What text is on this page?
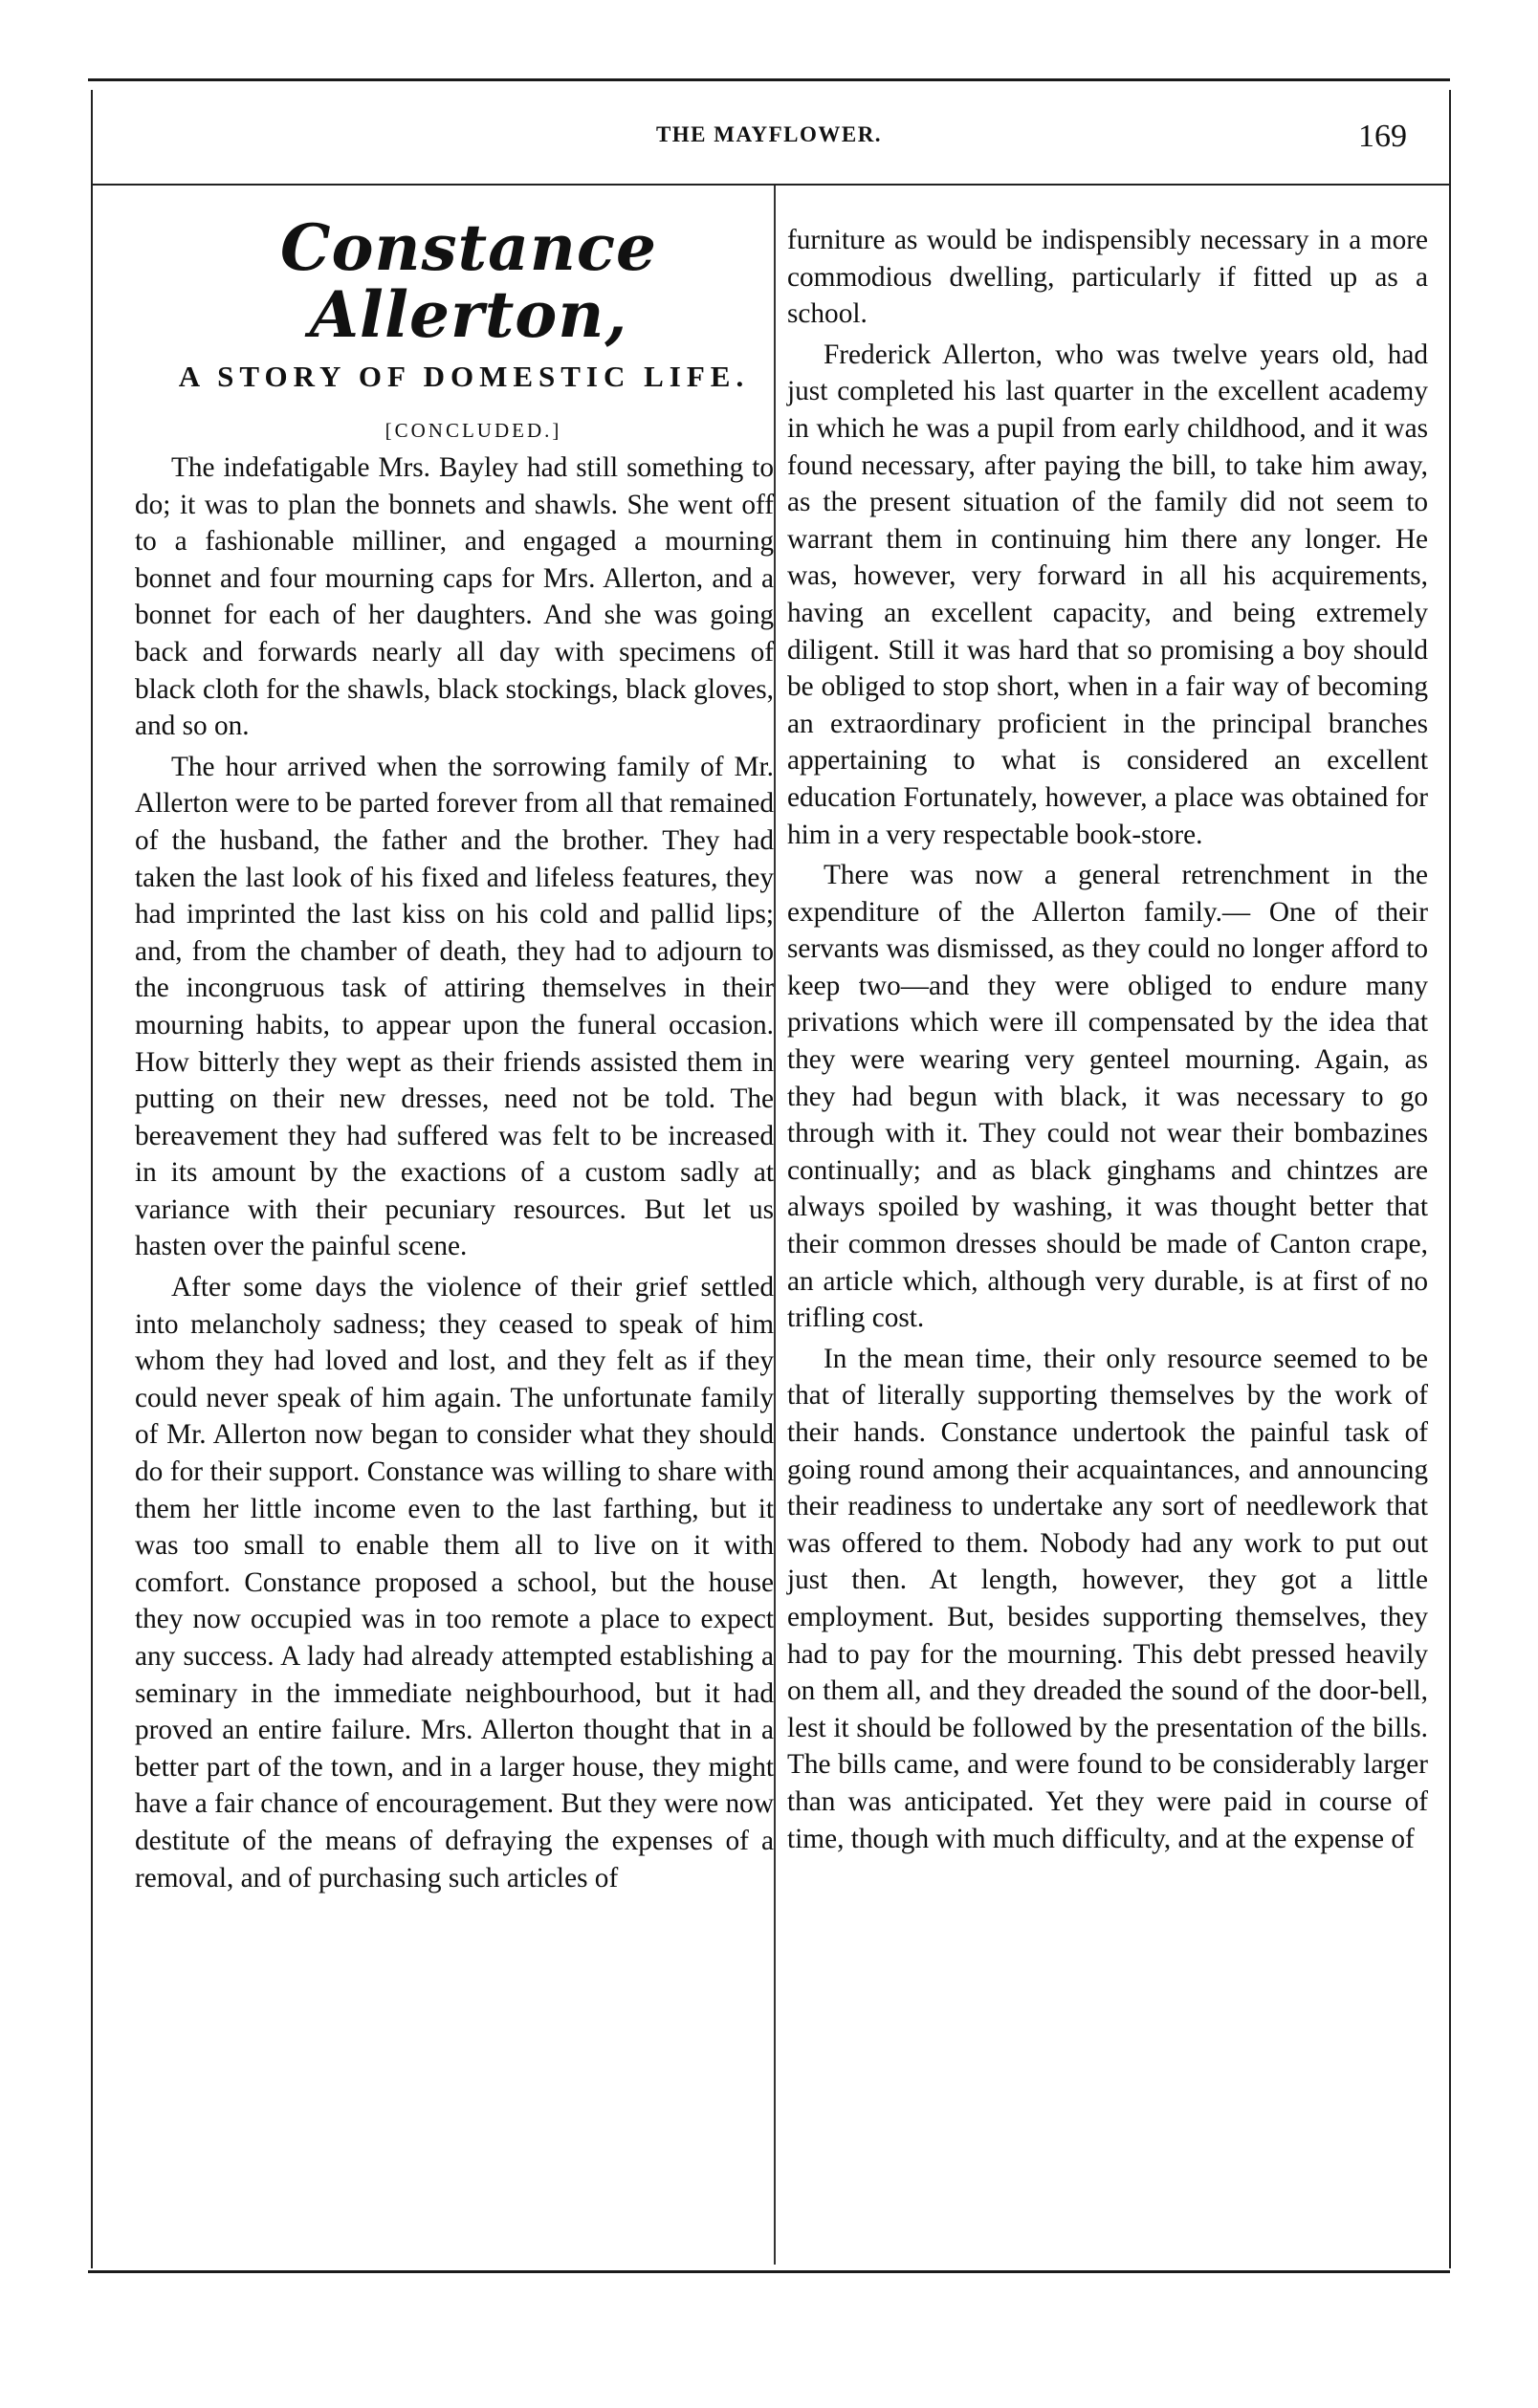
THE MAYFLOWER.	169
Constance Allerton,
A STORY OF DOMESTIC LIFE.
[CONCLUDED.]

The indefatigable Mrs. Bayley had still something to do; it was to plan the bonnets and shawls. She went off to a fashionable milliner, and engaged a mourning bonnet and four mourning caps for Mrs. Allerton, and a bonnet for each of her daughters. And she was going back and forwards nearly all day with specimens of black cloth for the shawls, black stockings, black gloves, and so on.

The hour arrived when the sorrowing family of Mr. Allerton were to be parted forever from all that remained of the husband, the father and the brother. They had taken the last look of his fixed and lifeless features, they had imprinted the last kiss on his cold and pallid lips; and, from the chamber of death, they had to adjourn to the incongruous task of attiring themselves in their mourning habits, to appear upon the funeral occasion. How bitterly they wept as their friends assisted them in putting on their new dresses, need not be told. The bereavement they had suffered was felt to be increased in its amount by the exactions of a custom sadly at variance with their pecuniary resources. But let us hasten over the painful scene.

After some days the violence of their grief settled into melancholy sadness; they ceased to speak of him whom they had loved and lost, and they felt as if they could never speak of him again. The unfortunate family of Mr. Allerton now began to consider what they should do for their support. Constance was willing to share with them her little income even to the last farthing, but it was too small to enable them all to live on it with comfort. Constance proposed a school, but the house they now occupied was in too remote a place to expect any success. A lady had already attempted establishing a seminary in the immediate neighbourhood, but it had proved an entire failure. Mrs. Allerton thought that in a better part of the town, and in a larger house, they might have a fair chance of encouragement. But they were now destitute of the means of defraying the expenses of a removal, and of purchasing such articles of

furniture as would be indispensibly necessary in a more commodious dwelling, particularly if fitted up as a school.

Frederick Allerton, who was twelve years old, had just completed his last quarter in the excellent academy in which he was a pupil from early childhood, and it was found necessary, after paying the bill, to take him away, as the present situation of the family did not seem to warrant them in continuing him there any longer. He was, however, very forward in all his acquirements, having an excellent capacity, and being extremely diligent. Still it was hard that so promising a boy should be obliged to stop short, when in a fair way of becoming an extraordinary proficient in the principal branches appertaining to what is considered an excellent education Fortunately, however, a place was obtained for him in a very respectable book-store.

There was now a general retrenchment in the expenditure of the Allerton family.— One of their servants was dismissed, as they could no longer afford to keep two—and they were obliged to endure many privations which were ill compensated by the idea that they were wearing very genteel mourning. Again, as they had begun with black, it was necessary to go through with it. They could not wear their bombazines continually; and as black ginghams and chintzes are always spoiled by washing, it was thought better that their common dresses should be made of Canton crape, an article which, although very durable, is at first of no trifling cost.

In the mean time, their only resource seemed to be that of literally supporting themselves by the work of their hands. Constance undertook the painful task of going round among their acquaintances, and announcing their readiness to undertake any sort of needlework that was offered to them. Nobody had any work to put out just then. At length, however, they got a little employment. But, besides supporting themselves, they had to pay for the mourning. This debt pressed heavily on them all, and they dreaded the sound of the door-bell, lest it should be followed by the presentation of the bills. The bills came, and were found to be considerably larger than was anticipated. Yet they were paid in course of time, though with much difficulty, and at the expense of
